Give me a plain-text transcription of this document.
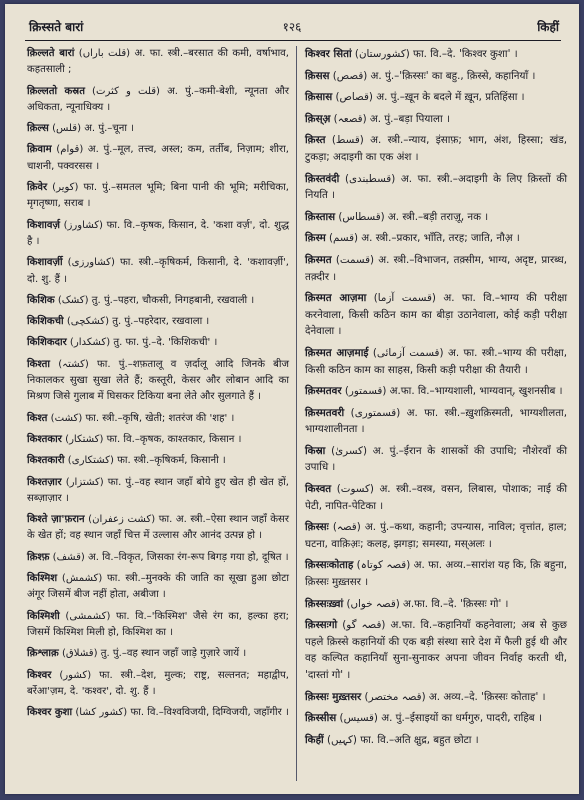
क़िस्सते बारां	१२६	किहीं
क़िल्लते बारां (قلت باراں) अ. फा. स्त्री.–बरसात की कमी, वर्षाभाव, कहतसाली ;
क़िल्लतो कस्रत (قلت و کثرت) अ. पुं.–कमी-बेशी, न्यूनता और अधिकता, न्यूनाधिक्य ।
क़िल्स (قلس) अ. पुं.–चूना ।
क़िवाम (قوام) अ. पुं.–मूल, तत्त्व, अस्ल; कम, तर्तीब, निज़ाम; शीरा, चाशनी, पक्वरसस ।
क़िवेर (کویر) फा. पुं.–समतल भूमि; बिना पानी की भूमि; मरीचिका, मृगतृष्णा, सराब ।
किशावर्ज़ (کشاورز) फा. वि.–कृषक, किसान, दे. 'कशा वर्ज़', दो. शुद्ध है ।
किशावर्ज़ी (کشاورزی) फा. स्त्री.–कृषिकर्म, किसानी, दे. 'कशावर्ज़ी', दो. शु. हैं ।
किशिक (کشک) तु. पुं.–पहरा, चौकसी, निगहबानी, रखवाली ।
किशिकची (کشکچی) तु. पुं.–पहरेदार, रखवाला ।
किशिकदार (کشکدار) तु. फा. पुं.–दे. 'किशिकची' ।
किश्ता (کشتہ) फा. पुं.–शफ़तालू व ज़र्दालू आदि जिनके बीज निकालकर सुखा सुखा लेते हैं; कस्तूरी, केसर और लोबान आदि का मिश्रण जिसे गुलाब में घिसकर टिकिया बना लेते और सुलगाते हैं ।
किश्त (کشت) फा. स्त्री.–कृषि, खेती; शतरंज की 'शह' ।
किश्तकार (کشتکار) फा. वि.–कृषक, काश्तकार, किसान ।
किश्तकारी (کشتکاری) फा. स्त्री.–कृषिकर्म, किसानी ।
किश्तज़ार (کشتزار) फा. पुं.–वह स्थान जहाँ बोये हुए खेत ही खेत हों, सब्ज़ाज़ार ।
किश्ते ज़ा'फ़रान (کشت زعفران) फा. अ. स्त्री.–ऐसा स्थान जहाँ केसर के खेत हों; वह स्थान जहाँ चित्त में उल्लास और आनंद उत्पन्न हो ।
क़िश्फ़ (قشف) अ. वि.–विकृत, जिसका रंग-रूप बिगड़ गया हो, दूषित ।
किश्मिश (کشمش) फा. स्त्री.–मुनक्के की जाति का सूखा हुआ छोटा अंगूर जिसमें बीज नहीं होता, अबीजा ।
किश्मिशी (کشمشی) फा. वि.–'किश्मिश' जैसे रंग का, हल्का हरा; जिसमें किश्मिश मिली हो, किश्मिश का ।
क़िश्लाक़ (قشلاق) तु. पुं.–वह स्थान जहाँ जाड़े गुज़ारे जायें ।
किश्वर (کشور) फा. स्त्री.–देश, मुल्क; राष्ट्र, सल्तनत; महाद्वीप, बर्रेआ'ज़म, दे. 'कश्वर', दो. शु. हैं ।
किश्वर कुशा (کشور کشا) फा. वि.–विश्वविजयी, दिग्विजयी, जहाँगीर ।
किश्वर सितां (کشورستان) फा. वि.–दे. 'किश्वर कुशा' ।
क़िसस (قصص) अ. पुं.–'क़िस्सः' का बहु., क़िस्से, कहानियाँ ।
क़िसास (قصاص) अ. पुं.–ख़ून के बदले में ख़ून, प्रतिहिंसा ।
क़िस्अ़ (قصعہ) अ. पुं.–बड़ा पियाला ।
क़िस्त (قسط) अ. स्त्री.–न्याय, इंसाफ़; भाग, अंश, हिस्सा; खंड, टुकड़ा; अदाइगी का एक अंश ।
क़िस्तवंदी (قسطبندی) अ. फा. स्त्री.–अदाइगी के लिए क़िस्तों की नियति ।
क़िस्तास (قسطاس) अ. स्त्री.–बड़ी तराज़ू, नक ।
क़िस्म (قسم) अ. स्त्री.–प्रकार, भाँति, तरह; जाति, नौअ़ ।
क़िस्मत (قسمت) अ. स्त्री.–विभाजन, तक़्सीम, भाग्य, अदृष्ट, प्रारब्ध, तक़्दीर ।
क़िस्मत आज़मा (قسمت آزما) अ. फा. वि.–भाग्य की परीक्षा करनेवाला, किसी कठिन काम का बीड़ा उठानेवाला, कोई कड़ी परीक्षा देनेवाला ।
क़िस्मत आज़माई (قسمت آزمائی) अ. फा. स्त्री.–भाग्य की परीक्षा, किसी कठिन काम का साहस, किसी कड़ी परीक्षा की तैयारी ।
क़िस्मतवर (قسمتور) अ.फा. वि.–भाग्यशाली, भाग्यवान्, खुशनसीब ।
क़िस्मतवरी (قسمتوری) अ. फा. स्त्री.–ख़ुशक़िस्मती, भाग्यशीलता, भाग्यशालीनता ।
किस्रा (کسریٰ) अ. पुं.–ईरान के शासकों की उपाधि; नौशेरवाँ की उपाधि ।
किस्वत (کسوت) अ. स्त्री.–वस्त्र, वसन, लिबास, पोशाक; नाई की पेटी, नापित-पेटिका ।
क़िस्सः (قصہ) अ. पुं.–कथा, कहानी; उपन्यास, नाविल; वृत्तांत, हाल; घटना, वाक़िअ़ः; कलह, झगड़ा; समस्या, मस्अलः ।
क़िस्सःकोताह (قصہ کوتاہ) अ. फा. अव्य.–सारांश यह कि, क़ि बहुना, क़िस्सः मुख़्तसर ।
क़िस्सःख़्वां (قصہ خواں) अ.फा. वि.–दे. 'क़िस्सः गो' ।
क़िस्सःगो (قصہ گو) अ.फा. वि.–कहानियाँ कहनेवाला; अब से कुछ पहले क़िस्से कहानियों की एक बड़ी संस्था सारे देश में फैली हुई थी और वह कल्पित कहानियाँ सुना-सुनाकर अपना जीवन निर्वाह करती थी, 'दास्तां गो' ।
क़िस्सः मुख़्तसर (قصہ مختصر) अ. अव्य.–दे. 'क़िस्सः कोताह' ।
क़िस्सीस (قسیس) अ. पुं.–ईसाइयों का धर्मगुरु, पादरी, राहिब ।
किहीं (کہیں) फा. वि.–अति क्षुद्र, बहुत छोटा ।
